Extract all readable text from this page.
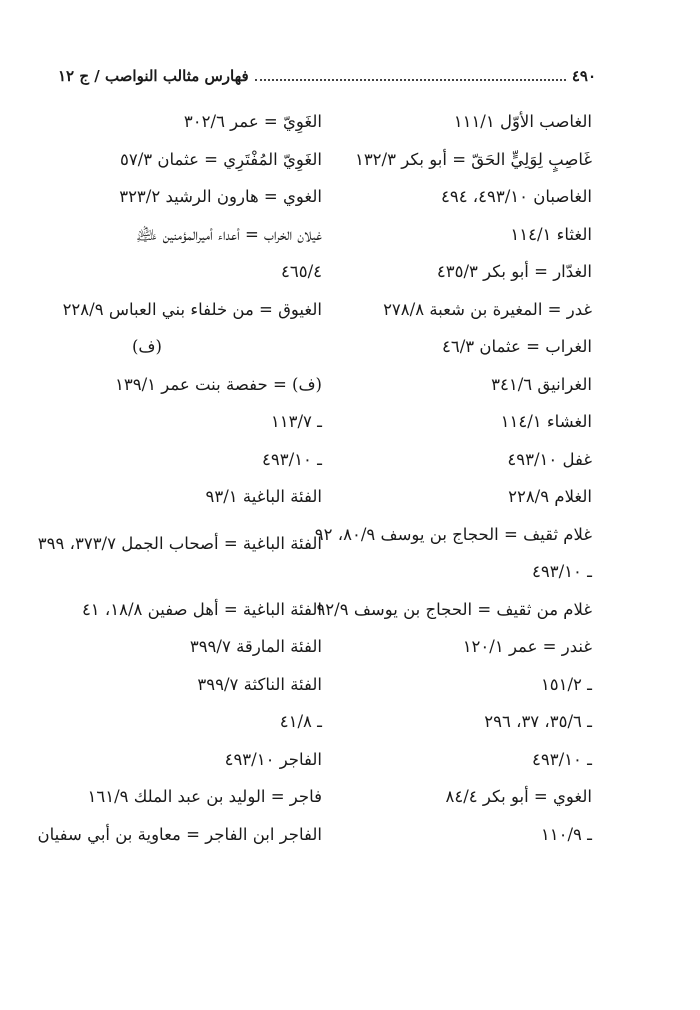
٤٩٠
فهارس مثالب النواصب / ج ١٢
الغاصب الأوّل ١١١/١
غَاصِبٍ لِوَلِيٍّ الحَقّ = أبو بكر ١٣٢/٣
الغاصبان ٤٩٣/١٠، ٤٩٤
الغثاء ١١٤/١
الغدّار = أبو بكر ٤٣٥/٣
غدر = المغيرة بن شعبة ٢٧٨/٨
الغراب = عثمان ٤٦/٣
الغرانيق ٣٤١/٦
الغشاء ١١٤/١
غفل ٤٩٣/١٠
الغلام ٢٢٨/٩
غلام ثقيف = الحجاج بن يوسف ٨٠/٩، ٩٢
ـ ٤٩٣/١٠
غلام من ثقيف = الحجاج بن يوسف ٩٢/٩
غندر = عمر ١٢٠/١
ـ ١٥١/٢
ـ ٣٥/٦، ٣٧، ٢٩٦
ـ ٤٩٣/١٠
الغوي = أبو بكر ٨٤/٤
ـ ١١٠/٩
الغَوِيّ = عمر ٣٠٢/٦
الغَوِيّ المُفْتَرِي = عثمان ٥٧/٣
الغوي = هارون الرشيد ٣٢٣/٢
غيلان الخراب = أعداء أميرالمؤمنين ﵇
٤٦٥/٤
الغيوق = من خلفاء بني العباس ٢٢٨/٩
(ف)
(ف) = حفصة بنت عمر ١٣٩/١
ـ ١١٣/٧
ـ ٤٩٣/١٠
الفئة الباغية ٩٣/١
الفئة الباغية = أصحاب الجمل ٣٧٣/٧، ٣٩٩
الفئة الباغية = أهل صفين ١٨/٨، ٤١
الفئة المارقة ٣٩٩/٧
الفئة الناكثة ٣٩٩/٧
ـ ٤١/٨
الفاجر ٤٩٣/١٠
فاجر = الوليد بن عبد الملك ١٦١/٩
الفاجر ابن الفاجر = معاوية بن أبي سفيان
